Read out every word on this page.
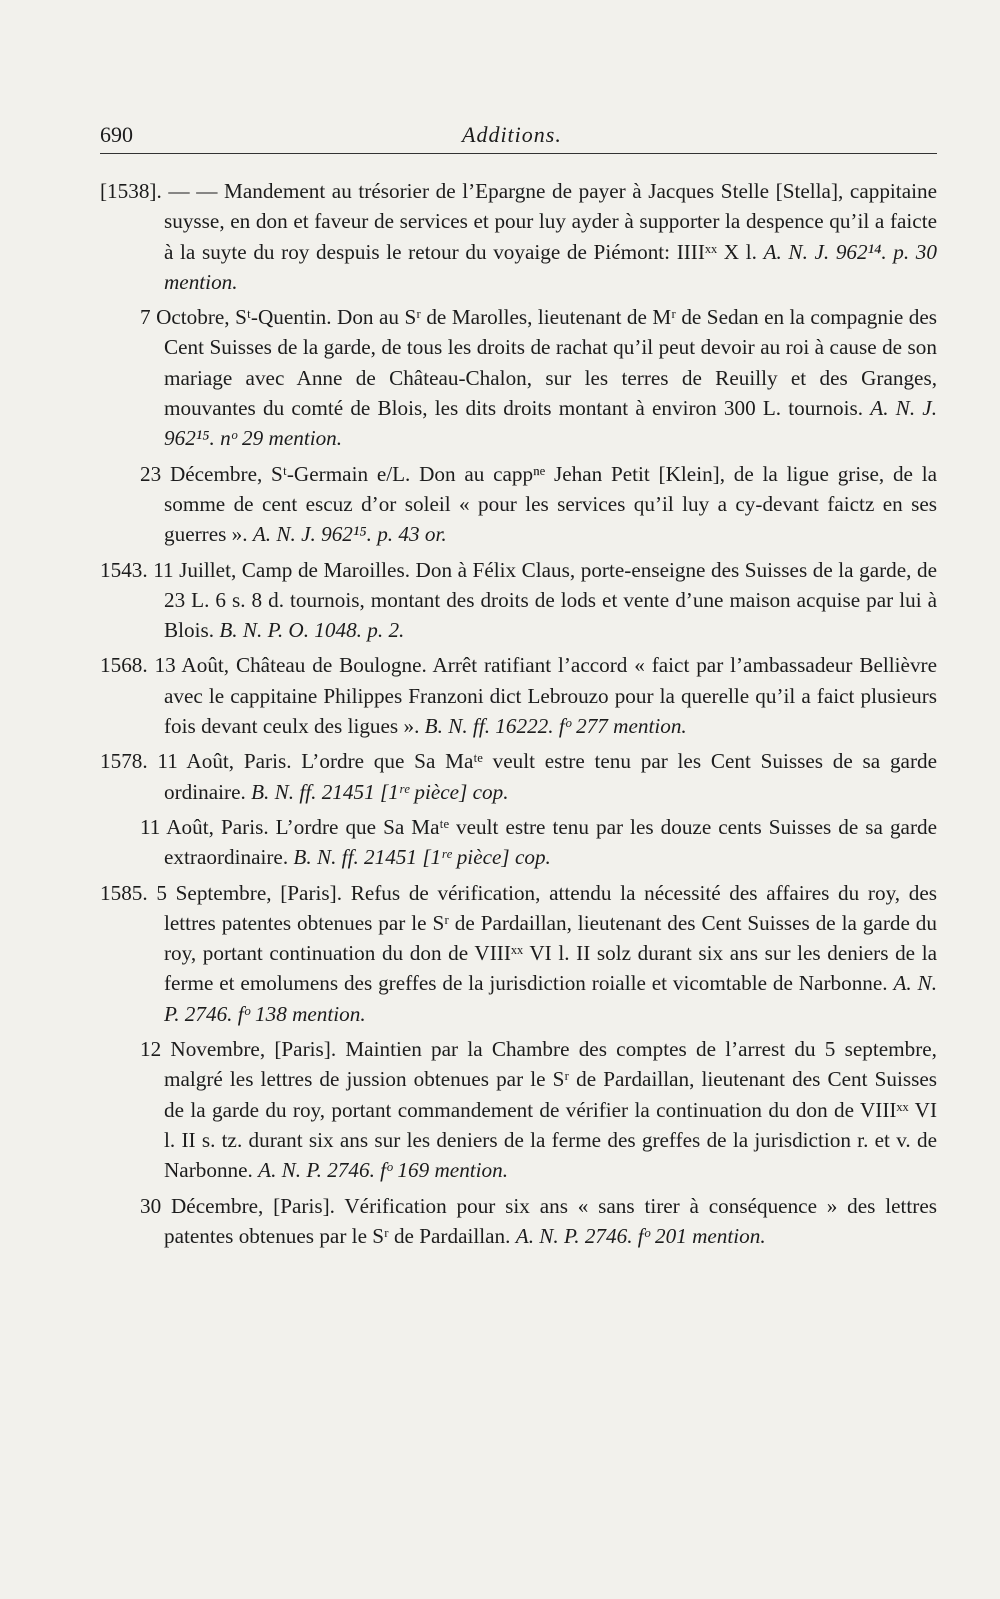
690	Additions.
[1538]. — — Mandement au trésorier de l’Epargne de payer à Jacques Stelle [Stella], cappitaine suysse, en don et faveur de services et pour luy ayder à supporter la despence qu’il a faicte à la suyte du roy despuis le retour du voyaige de Piémont: IIIIˣˣ X l. A. N. J. 962¹⁴. p. 30 mention.
7 Octobre, Sᵗ-Quentin. Don au Sʳ de Marolles, lieutenant de Mʳ de Sedan en la compagnie des Cent Suisses de la garde, de tous les droits de rachat qu’il peut devoir au roi à cause de son mariage avec Anne de Château-Chalon, sur les terres de Reuilly et des Granges, mouvantes du comté de Blois, les dits droits montant à environ 300 L. tournois. A. N. J. 962¹⁵. nᵒ 29 mention.
23 Décembre, Sᵗ-Germain e/L. Don au cappⁿᵉ Jehan Petit [Klein], de la ligue grise, de la somme de cent escuz d’or soleil « pour les services qu’il luy a cy-devant faictz en ses guerres ». A. N. J. 962¹⁵. p. 43 or.
1543. 11 Juillet, Camp de Maroilles. Don à Félix Claus, porte-enseigne des Suisses de la garde, de 23 L. 6 s. 8 d. tournois, montant des droits de lods et vente d’une maison acquise par lui à Blois. B. N. P. O. 1048. p. 2.
1568. 13 Août, Château de Boulogne. Arrêt ratifiant l’accord « faict par l’ambassadeur Bellièvre avec le cappitaine Philippes Franzoni dict Lebrouzo pour la querelle qu’il a faict plusieurs fois devant ceulx des ligues ». B. N. ff. 16222. fᵒ 277 mention.
1578. 11 Août, Paris. L’ordre que Sa Maᵗᵉ veult estre tenu par les Cent Suisses de sa garde ordinaire. B. N. ff. 21451 [1ʳᵉ pièce] cop.
11 Août, Paris. L’ordre que Sa Maᵗᵉ veult estre tenu par les douze cents Suisses de sa garde extraordinaire. B. N. ff. 21451 [1ʳᵉ pièce] cop.
1585. 5 Septembre, [Paris]. Refus de vérification, attendu la nécessité des affaires du roy, des lettres patentes obtenues par le Sʳ de Pardaillan, lieutenant des Cent Suisses de la garde du roy, portant continuation du don de VIIIˣˣ VI l. II solz durant six ans sur les deniers de la ferme et emolumens des greffes de la jurisdiction roialle et vicomtable de Narbonne. A. N. P. 2746. fᵒ 138 mention.
12 Novembre, [Paris]. Maintien par la Chambre des comptes de l’arrest du 5 septembre, malgré les lettres de jussion obtenues par le Sʳ de Pardaillan, lieutenant des Cent Suisses de la garde du roy, portant commandement de vérifier la continuation du don de VIIIˣˣ VI l. II s. tz. durant six ans sur les deniers de la ferme des greffes de la jurisdiction r. et v. de Narbonne. A. N. P. 2746. fᵒ 169 mention.
30 Décembre, [Paris]. Vérification pour six ans « sans tirer à conséquence » des lettres patentes obtenues par le Sʳ de Pardaillan. A. N. P. 2746. fᵒ 201 mention.
